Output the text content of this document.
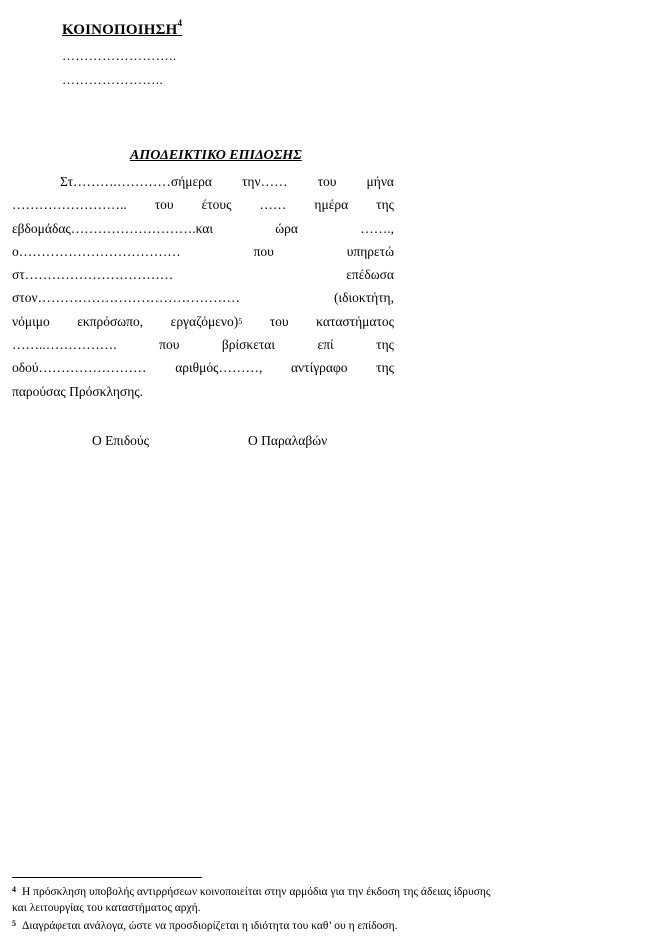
ΚΟΙΝΟΠΟΙΗΣΗ$^4$
……………………..
…………………..
ΑΠΟΔΕΙΚΤΙΚΟ ΕΠΙΔΟΣΗΣ
Στ……….…………σήμερα την…… του μήνα
…………………….. του έτους …… ημέρα της
εβδομάδας……………………….και ώρα …….,
ο……………………………… που υπηρετώ
στ…………………………… επέδωσα
στον……………………………………… (ιδιοκτήτη,
νόμιμο εκπρόσωπο, εργαζόμενο)$^5$ του καταστήματος
……..……………. που βρίσκεται επί της
οδού…………………… αριθμός………, αντίγραφο της
παρούσας Πρόσκλησης.
Ο Επιδούς	Ο Παραλαβών
$^4$ Η πρόσκληση υποβολής αντιρρήσεων κοινοποιείται στην αρμόδια για την έκδοση της άδειας ίδρυσης
και λειτουργίας του καταστήματος αρχή.
$^5$ Διαγράφεται ανάλογα, ώστε να προσδιορίζεται η ιδιότητα του καθ’ ου η επίδοση.
